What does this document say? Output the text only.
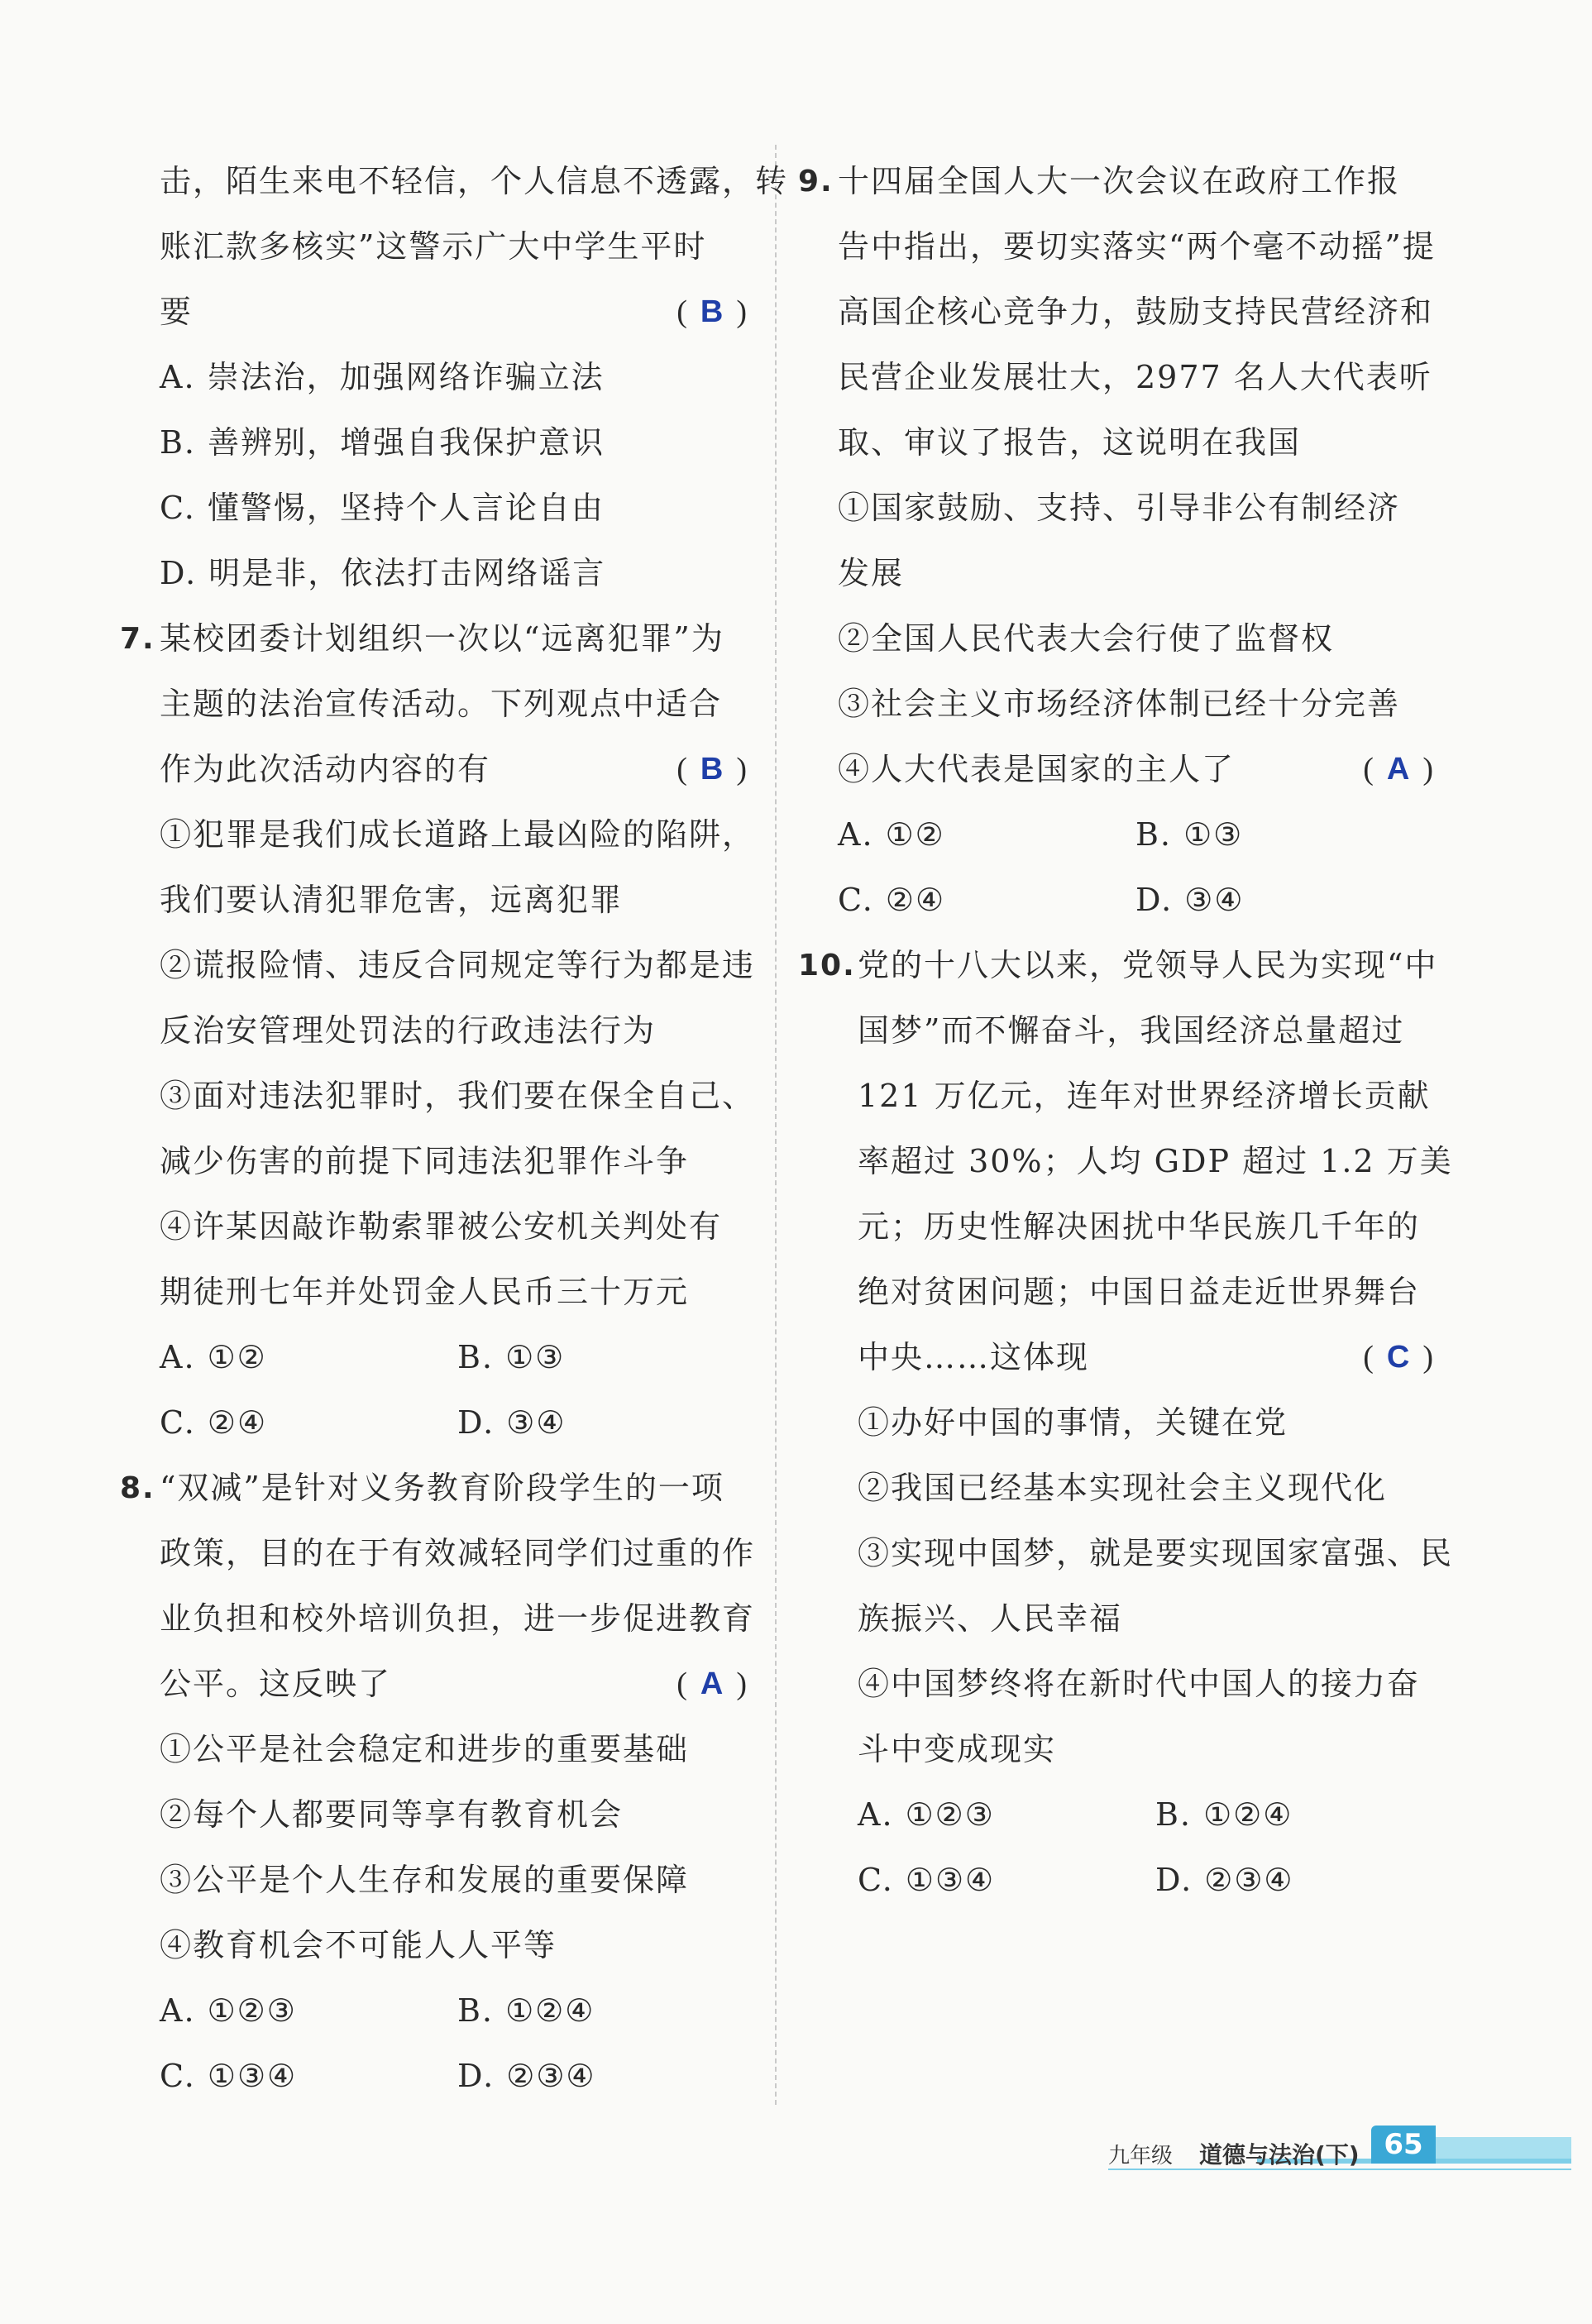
击，陌生来电不轻信，个人信息不透露，转
账汇款多核实”这警示广大中学生平时
要	( B )
A. 崇法治，加强网络诈骗立法
B. 善辨别，增强自我保护意识
C. 懂警惕，坚持个人言论自由
D. 明是非，依法打击网络谣言
7. 某校团委计划组织一次以“远离犯罪”为
主题的法治宣传活动。下列观点中适合
作为此次活动内容的有	( B )
①犯罪是我们成长道路上最凶险的陷阱，
我们要认清犯罪危害，远离犯罪
②谎报险情、违反合同规定等行为都是违
反治安管理处罚法的行政违法行为
③面对违法犯罪时，我们要在保全自己、
减少伤害的前提下同违法犯罪作斗争
④许某因敲诈勒索罪被公安机关判处有
期徒刑七年并处罚金人民币三十万元
A. ①②	B. ①③
C. ②④	D. ③④
8. “双减”是针对义务教育阶段学生的一项
政策，目的在于有效减轻同学们过重的作
业负担和校外培训负担，进一步促进教育
公平。这反映了	( A )
①公平是社会稳定和进步的重要基础
②每个人都要同等享有教育机会
③公平是个人生存和发展的重要保障
④教育机会不可能人人平等
A. ①②③	B. ①②④
C. ①③④	D. ②③④
9. 十四届全国人大一次会议在政府工作报
告中指出，要切实落实“两个毫不动摇”提
高国企核心竞争力，鼓励支持民营经济和
民营企业发展壮大，2977 名人大代表听
取、审议了报告，这说明在我国
①国家鼓励、支持、引导非公有制经济
发展
②全国人民代表大会行使了监督权
③社会主义市场经济体制已经十分完善
④人大代表是国家的主人了	( A )
A. ①②	B. ①③
C. ②④	D. ③④
10. 党的十八大以来，党领导人民为实现“中
国梦”而不懈奋斗，我国经济总量超过
121 万亿元，连年对世界经济增长贡献
率超过 30%；人均 GDP 超过 1.2 万美
元；历史性解决困扰中华民族几千年的
绝对贫困问题；中国日益走近世界舞台
中央……这体现	( C )
①办好中国的事情，关键在党
②我国已经基本实现社会主义现代化
③实现中国梦，就是要实现国家富强、民
族振兴、人民幸福
④中国梦终将在新时代中国人的接力奋
斗中变成现实
A. ①②③	B. ①②④
C. ①③④	D. ②③④
九年级 道德与法治(下) 65
